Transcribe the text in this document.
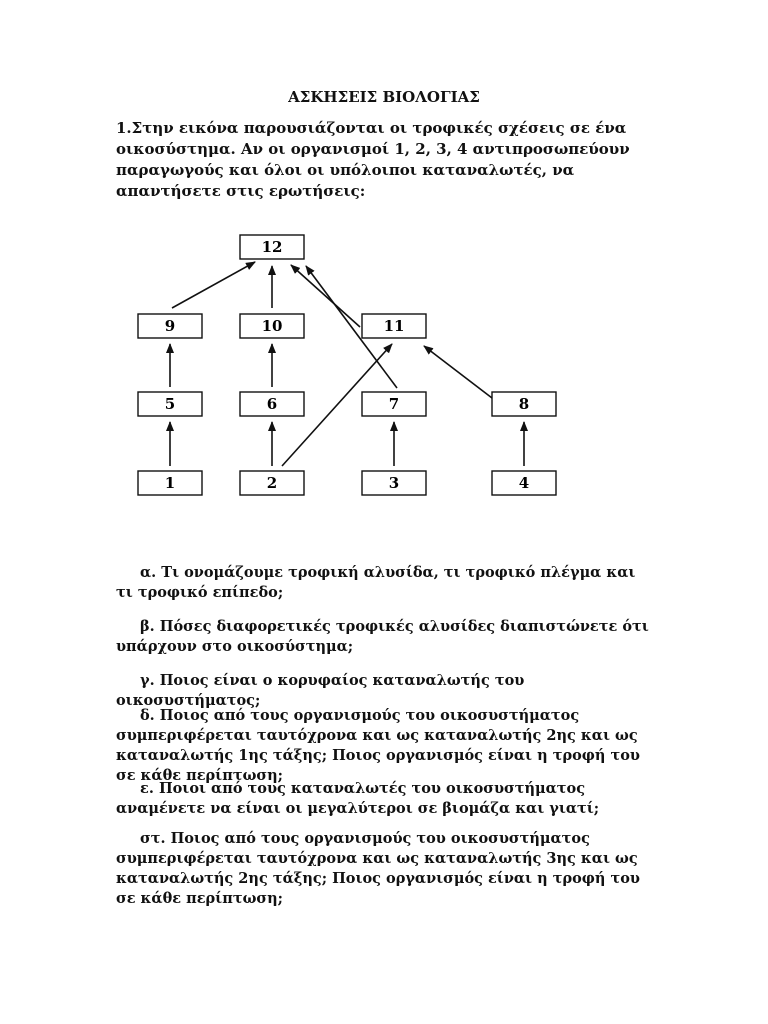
ΑΣΚΗΣΕΙΣ ΒΙΟΛΟΓΙΑΣ
1.Στην εικόνα παρουσιάζονται οι τροφικές σχέσεις σε ένα οικοσύστημα. Αν οι οργανισμοί 1, 2, 3, 4 αντιπροσωπεύουν παραγωγούς και όλοι οι υπόλοιποι καταναλωτές, να απαντήσετε στις ερωτήσεις:
12
9	10	11
5	6	7	8
1	2	3	4
α. Τι ονομάζουμε τροφική αλυσίδα, τι τροφικό πλέγμα και τι τροφικό επίπεδο;
β. Πόσες διαφορετικές τροφικές αλυσίδες διαπιστώνετε ότι υπάρχουν στο οικοσύστημα;
γ. Ποιος είναι ο κορυφαίος καταναλωτής του οικοσυστήματος;
δ. Ποιος από τους οργανισμούς του οικοσυστήματος συμπεριφέρεται ταυτόχρονα και ως καταναλωτής 2ης και ως καταναλωτής 1ης τάξης; Ποιος οργανισμός είναι η τροφή του σε κάθε περίπτωση;
ε. Ποιοι από τους καταναλωτές του οικοσυστήματος αναμένετε να είναι οι μεγαλύτεροι σε βιομάζα και γιατί;
στ. Ποιος από τους οργανισμούς του οικοσυστήματος συμπεριφέρεται ταυτόχρονα και ως καταναλωτής 3ης και ως καταναλωτής 2ης τάξης; Ποιος οργανισμός είναι η τροφή του σε κάθε περίπτωση;
